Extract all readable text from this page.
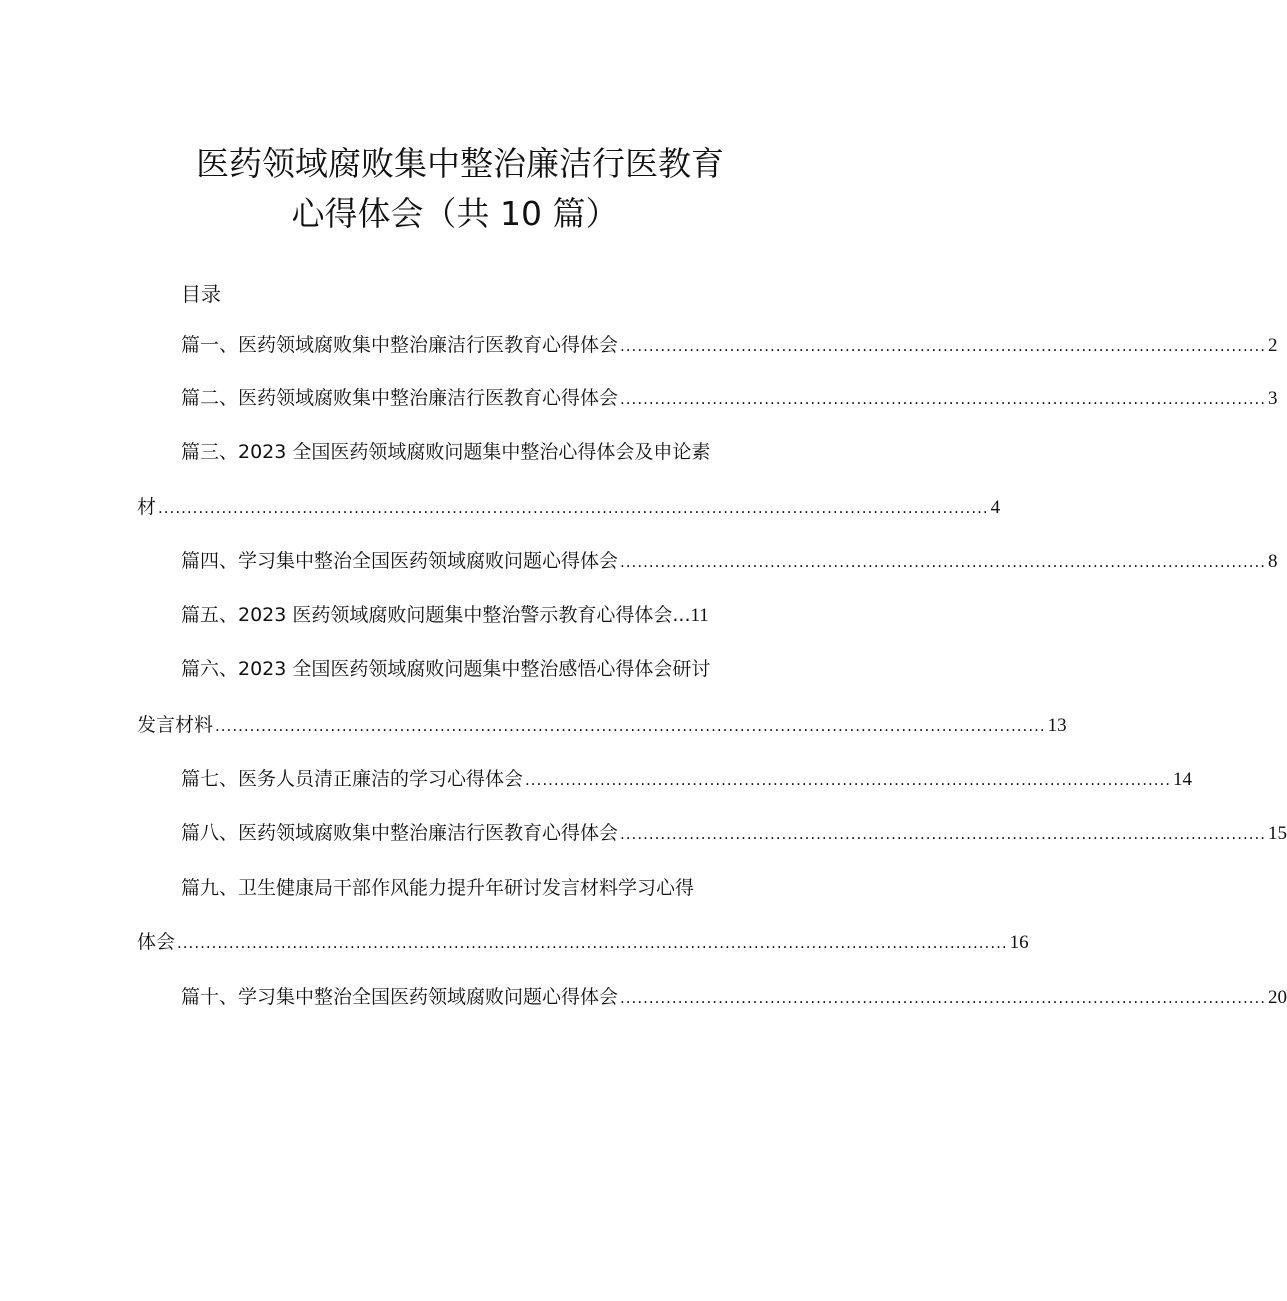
医药领域腐败集中整治廉洁行医教育
心得体会（共 10 篇）
目录
篇一、医药领域腐败集中整治廉洁行医教育心得体会 ................................................................................................................ 2
篇二、医药领域腐败集中整治廉洁行医教育心得体会 ................................................................................................................ 3
篇三、2023 全国医药领域腐败问题集中整治心得体会及申论素
材 ................................................................................................................................................ 4
篇四、学习集中整治全国医药领域腐败问题心得体会 ................................................................................................................ 8
篇五、2023 医药领域腐败问题集中整治警示教育心得体会... 11
篇六、2023 全国医药领域腐败问题集中整治感悟心得体会研讨
发言材料 ................................................................................................................................................ 13
篇七、医务人员清正廉洁的学习心得体会 ................................................................................................................ 14
篇八、医药领域腐败集中整治廉洁行医教育心得体会 ................................................................................................................ 15
篇九、卫生健康局干部作风能力提升年研讨发言材料学习心得
体会 ................................................................................................................................................ 16
篇十、学习集中整治全国医药领域腐败问题心得体会 ................................................................................................................ 20
